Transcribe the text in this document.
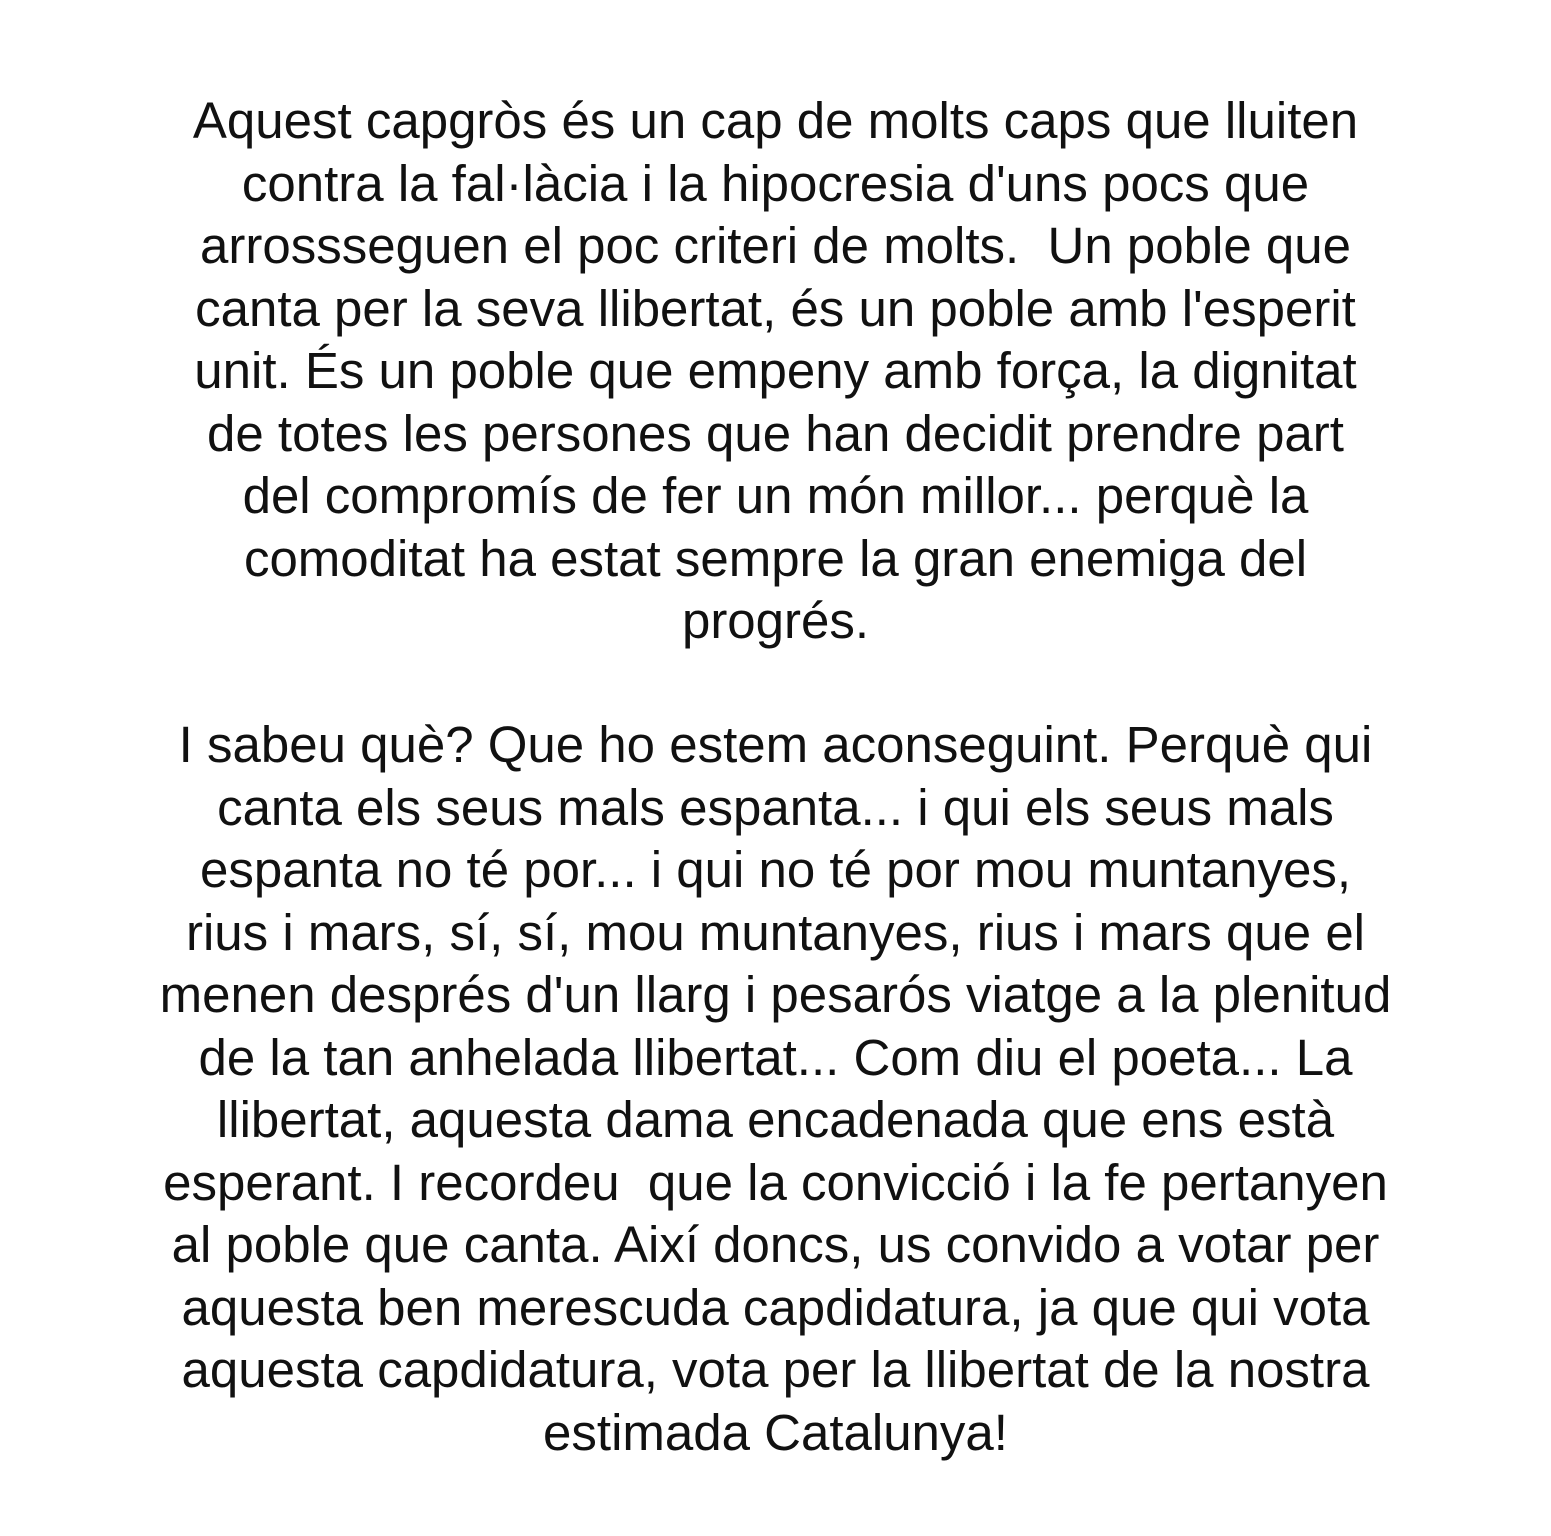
Aquest capgròs és un cap de molts caps que lluiten
contra la fal·làcia i la hipocresia d'uns pocs que
arrossseguen el poc criteri de molts.  Un poble que
canta per la seva llibertat, és un poble amb l'esperit
unit. És un poble que empeny amb força, la dignitat
de totes les persones que han decidit prendre part
del compromís de fer un món millor... perquè la
comoditat ha estat sempre la gran enemiga del
progrés.

I sabeu què? Que ho estem aconseguint. Perquè qui
canta els seus mals espanta... i qui els seus mals
espanta no té por... i qui no té por mou muntanyes,
rius i mars, sí, sí, mou muntanyes, rius i mars que el
menen després d'un llarg i pesarós viatge a la plenitud
de la tan anhelada llibertat... Com diu el poeta... La
llibertat, aquesta dama encadenada que ens està
esperant. I recordeu  que la convicció i la fe pertanyen
al poble que canta. Així doncs, us convido a votar per
aquesta ben merescuda capdidatura, ja que qui vota
aquesta capdidatura, vota per la llibertat de la nostra
estimada Catalunya!
